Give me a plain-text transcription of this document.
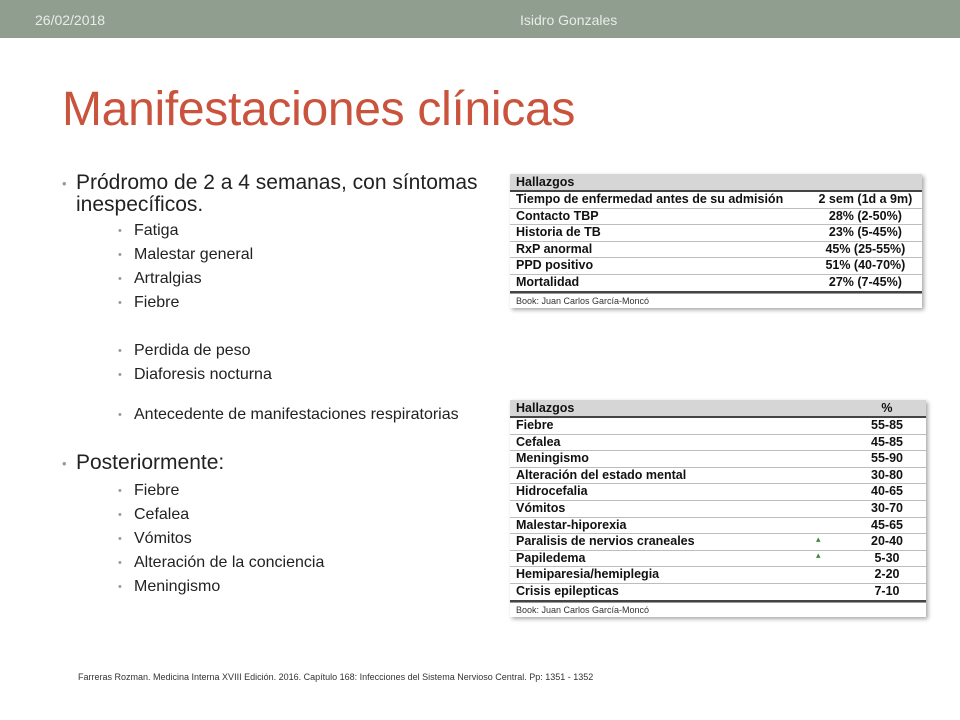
26/02/2018	Isidro Gonzales
Manifestaciones clínicas

• Pródromo de 2 a 4 semanas, con síntomas inespecíficos.

• Fatiga
• Malestar general
• Artralgias
• Fiebre
• Perdida de peso
• Diaforesis nocturna
• Antecedente de manifestaciones respiratorias

• Posteriormente:

• Fiebre
• Cefalea
• Vómitos
• Alteración de la conciencia
• Meningismo
Hallazgos	
Tiempo de enfermedad antes de su admisión	2 sem (1d a 9m)
Contacto TBP	28% (2-50%)
Historia de TB	23% (5-45%)
RxP anormal	45% (25-55%)
PPD positivo	51% (40-70%)
Mortalidad	27% (7-45%)
Book: Juan Carlos García-Moncó
Hallazgos	%
Fiebre	55-85
Cefalea	45-85
Meningismo	55-90
Alteración del estado mental	30-80
Hidrocefalia	40-65
Vómitos	30-70
Malestar-hiporexia	45-65
Paralisis de nervios craneales	20-40
Papiledema	5-30
Hemiparesia/hemiplegia	2-20
Crisis epilepticas	7-10
Book: Juan Carlos García-Moncó
▴
▴
Farreras Rozman. Medicina Interna XVIII Edición. 2016. Capítulo 168: Infecciones del Sistema Nervioso Central. Pp: 1351 - 1352
